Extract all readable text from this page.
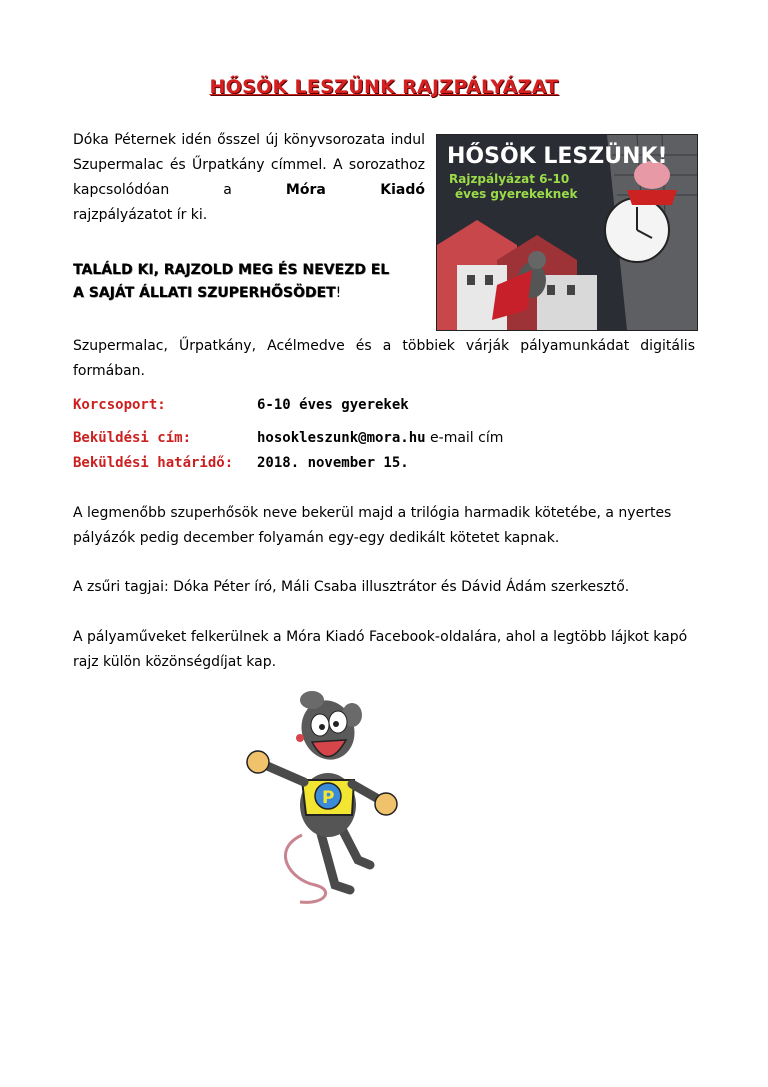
HŐSÖK LESZÜNK RAJZPÁLYÁZAT
Dóka Péternek idén ősszel új könyvsorozata indul Szupermalac és Űrpatkány címmel. A sorozathoz kapcsolódóan a Móra Kiadó
rajzpályázatot ír ki.
TALÁLD KI, RAJZOLD MEG ÉS NEVEZD EL
A SAJÁT ÁLLATI SZUPERHŐSÖDET!
HŐSÖK LESZÜNK!
Rajzpályázat 6-10
éves gyerekeknek
Szupermalac, Űrpatkány, Acélmedve és a többiek várják pályamunkádat digitális formában.
Korcsoport:	6-10 éves gyerekek
Beküldési cím:	hosokleszunk@mora.hu e-mail cím
Beküldési határidő: 2018. november 15.
A legmenőbb szuperhősök neve bekerül majd a trilógia harmadik kötetébe, a nyertes pályázók pedig december folyamán egy-egy dedikált kötetet kapnak.
A zsűri tagjai: Dóka Péter író, Máli Csaba illusztrátor és Dávid Ádám szerkesztő.
A pályaműveket felkerülnek a Móra Kiadó Facebook-oldalára, ahol a legtöbb lájkot kapó rajz külön közönségdíjat kap.
P
